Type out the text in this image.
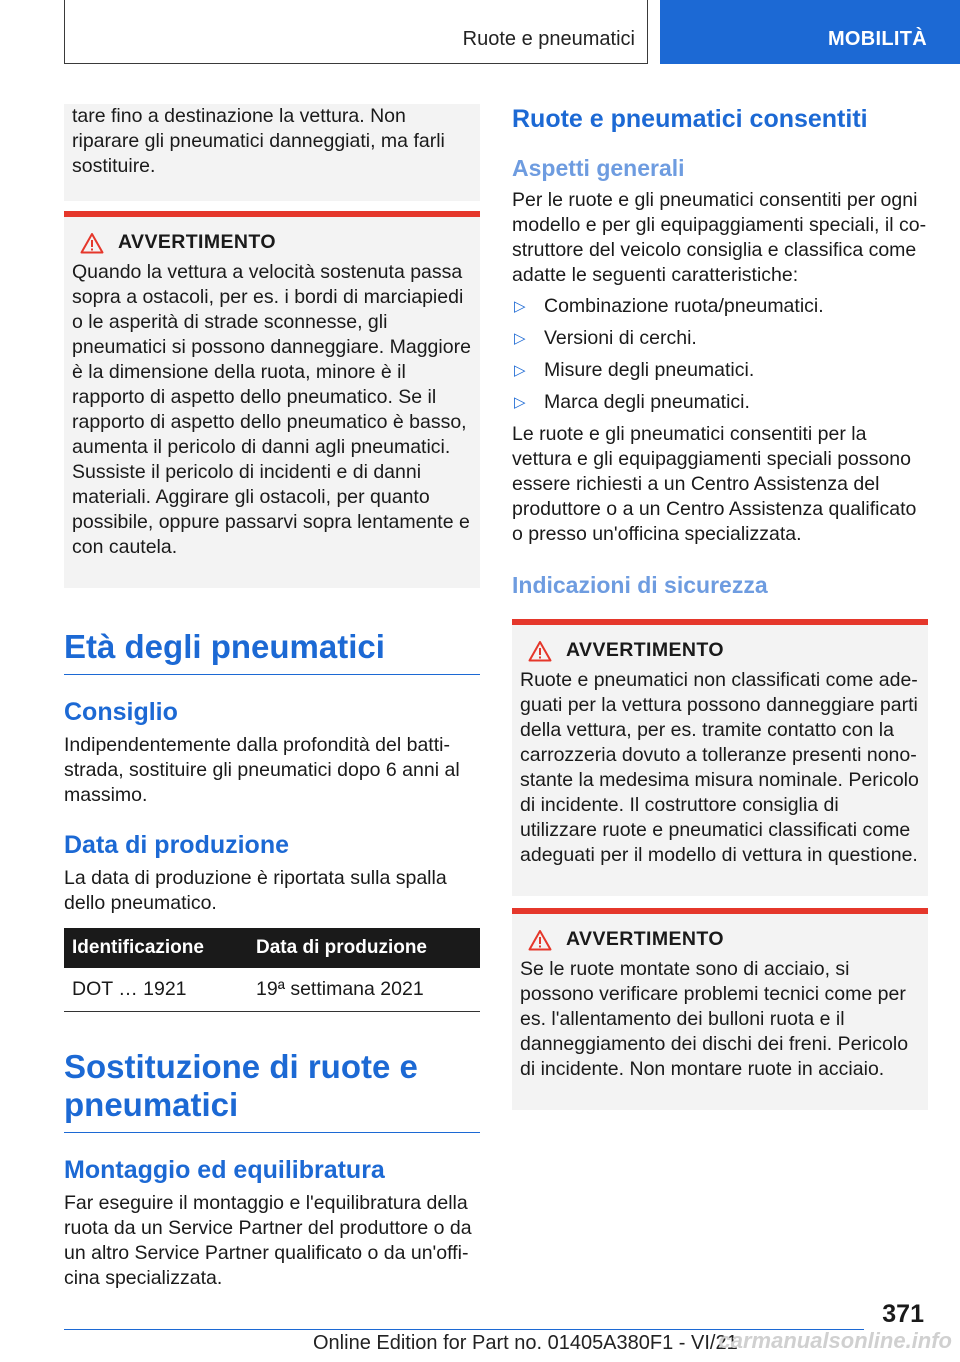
Ruote e pneumatici	MOBILITÀ

tare fino a destinazione la vettura. Non riparare gli pneumatici danneggiati, ma farli sostituire.

AVVERTIMENTO

Quando la vettura a velocità sostenuta passa sopra a ostacoli, per es. i bordi di marciapiedi o le asperità di strade sconnesse, gli pneumatici si possono danneggiare. Maggiore è la dimensione della ruota, minore è il rapporto di aspetto dello pneumatico. Se il rapporto di aspetto dello pneumatico è basso, aumenta il pericolo di danni agli pneumatici. Sussiste il pericolo di incidenti e di danni materiali. Aggirare gli ostacoli, per quanto possibile, oppure passarvi sopra lentamente e con cautela.

Età degli pneumatici
Consiglio

Indipendentemente dalla profondità del battistrada, sostituire gli pneumatici dopo 6 anni al massimo.

Data di produzione

La data di produzione è riportata sulla spalla dello pneumatico.

Identificazione	Data di produzione
DOT … 1921	19ª settimana 2021
Sostituzione di ruote e pneumatici
Montaggio ed equilibratura

Far eseguire il montaggio e l'equilibratura della ruota da un Service Partner del produttore o da un altro Service Partner qualificato o da un'officina specializzata.

Ruote e pneumatici consentiti
Aspetti generali

Per le ruote e gli pneumatici consentiti per ogni modello e per gli equipaggiamenti speciali, il costruttore del veicolo consiglia e classifica come adatte le seguenti caratteristiche:

▷ Combinazione ruota/pneumatici.
▷ Versioni di cerchi.
▷ Misure degli pneumatici.
▷ Marca degli pneumatici.

Le ruote e gli pneumatici consentiti per la vettura e gli equipaggiamenti speciali possono essere richiesti a un Centro Assistenza del produttore o a un Centro Assistenza qualificato o presso un'officina specializzata.

Indicazioni di sicurezza
AVVERTIMENTO

Ruote e pneumatici non classificati come adeguati per la vettura possono danneggiare parti della vettura, per es. tramite contatto con la carrozzeria dovuto a tolleranze presenti nonostante la medesima misura nominale. Pericolo di incidente. Il costruttore consiglia di utilizzare ruote e pneumatici classificati come adeguati per il modello di vettura in questione.

AVVERTIMENTO

Se le ruote montate sono di acciaio, si possono verificare problemi tecnici come per es. l'allentamento dei bulloni ruota e il danneggiamento dei dischi dei freni. Pericolo di incidente. Non montare ruote in acciaio.

371
Online Edition for Part no. 01405A380F1 - VI/21
carmanualsonline.info
